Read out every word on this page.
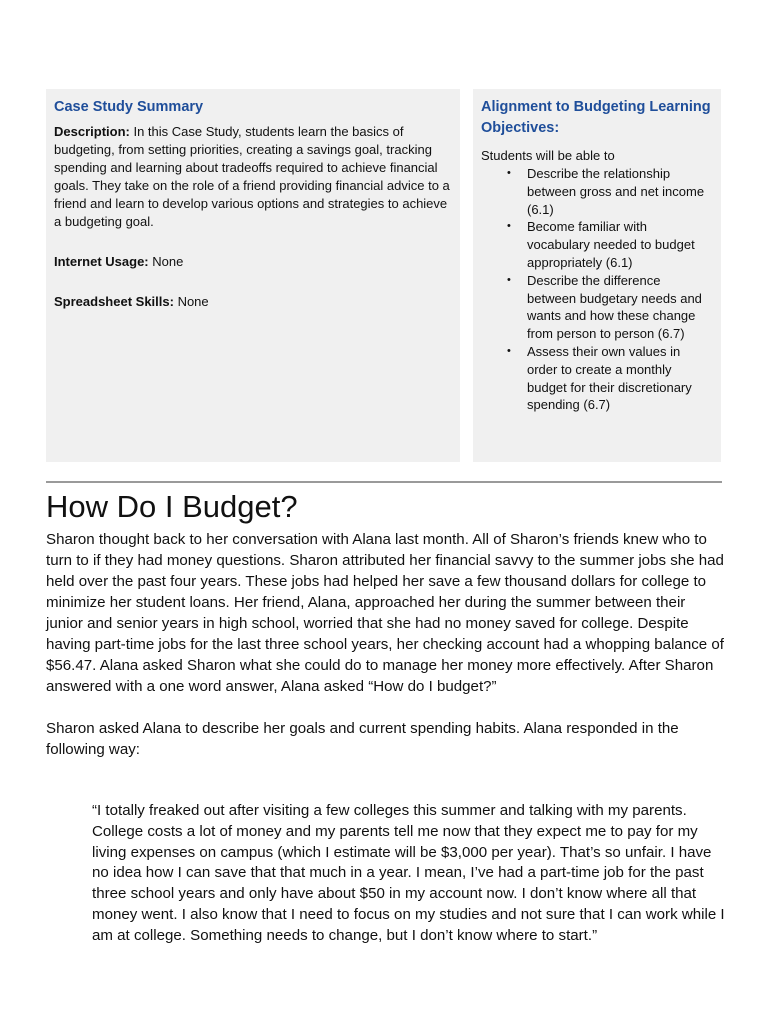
Case Study Summary

Description: In this Case Study, students learn the basics of budgeting, from setting priorities, creating a savings goal, tracking spending and learning about tradeoffs required to achieve financial goals. They take on the role of a friend providing financial advice to a friend and learn to develop various options and strategies to achieve a budgeting goal.

Internet Usage: None

Spreadsheet Skills: None

Alignment to Budgeting Learning Objectives:

Students will be able to

• Describe the relationship between gross and net income (6.1)
• Become familiar with vocabulary needed to budget appropriately (6.1)
• Describe the difference between budgetary needs and wants and how these change from person to person (6.7)
• Assess their own values in order to create a monthly budget for their discretionary spending (6.7)
How Do I Budget?

Sharon thought back to her conversation with Alana last month. All of Sharon’s friends knew who to turn to if they had money questions. Sharon attributed her financial savvy to the summer jobs she had held over the past four years. These jobs had helped her save a few thousand dollars for college to minimize her student loans. Her friend, Alana, approached her during the summer between their junior and senior years in high school, worried that she had no money saved for college. Despite having part-time jobs for the last three school years, her checking account had a whopping balance of $56.47. Alana asked Sharon what she could do to manage her money more effectively. After Sharon answered with a one word answer, Alana asked “How do I budget?”

Sharon asked Alana to describe her goals and current spending habits. Alana responded in the following way:

“I totally freaked out after visiting a few colleges this summer and talking with my parents. College costs a lot of money and my parents tell me now that they expect me to pay for my living expenses on campus (which I estimate will be $3,000 per year). That’s so unfair. I have no idea how I can save that that much in a year. I mean, I’ve had a part-time job for the past three school years and only have about $50 in my account now. I don’t know where all that money went. I also know that I need to focus on my studies and not sure that I can work while I am at college. Something needs to change, but I don’t know where to start.”
